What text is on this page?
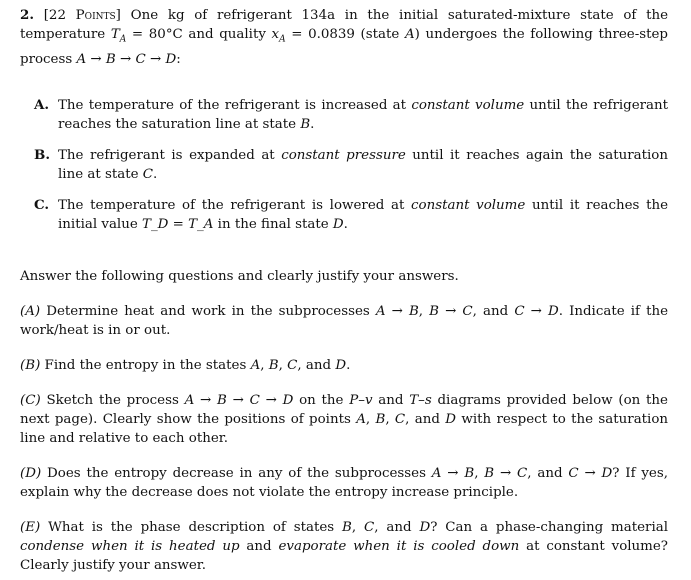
2. [22 Points] One kg of refrigerant 134a in the initial saturated-mixture state of the temperature $T_A = 80^\circ C$ and quality $x_A = 0.0839$ (state A) undergoes the following three-step process A → B → C → D:
A. The temperature of the refrigerant is increased at constant volume until the refrigerant reaches the saturation line at state B.
B. The refrigerant is expanded at constant pressure until it reaches again the saturation line at state C.
C. The temperature of the refrigerant is lowered at constant volume until it reaches the initial value T_D = T_A in the final state D.
Answer the following questions and clearly justify your answers.
(A) Determine heat and work in the subprocesses A → B, B → C, and C → D. Indicate if the work/heat is in or out.
(B) Find the entropy in the states A, B, C, and D.
(C) Sketch the process A → B → C → D on the P–v and T–s diagrams provided below (on the next page). Clearly show the positions of points A, B, C, and D with respect to the saturation line and relative to each other.
(D) Does the entropy decrease in any of the subprocesses A → B, B → C, and C → D? If yes, explain why the decrease does not violate the entropy increase principle.
(E) What is the phase description of states B, C, and D? Can a phase-changing material condense when it is heated up and evaporate when it is cooled down at constant volume? Clearly justify your answer.
